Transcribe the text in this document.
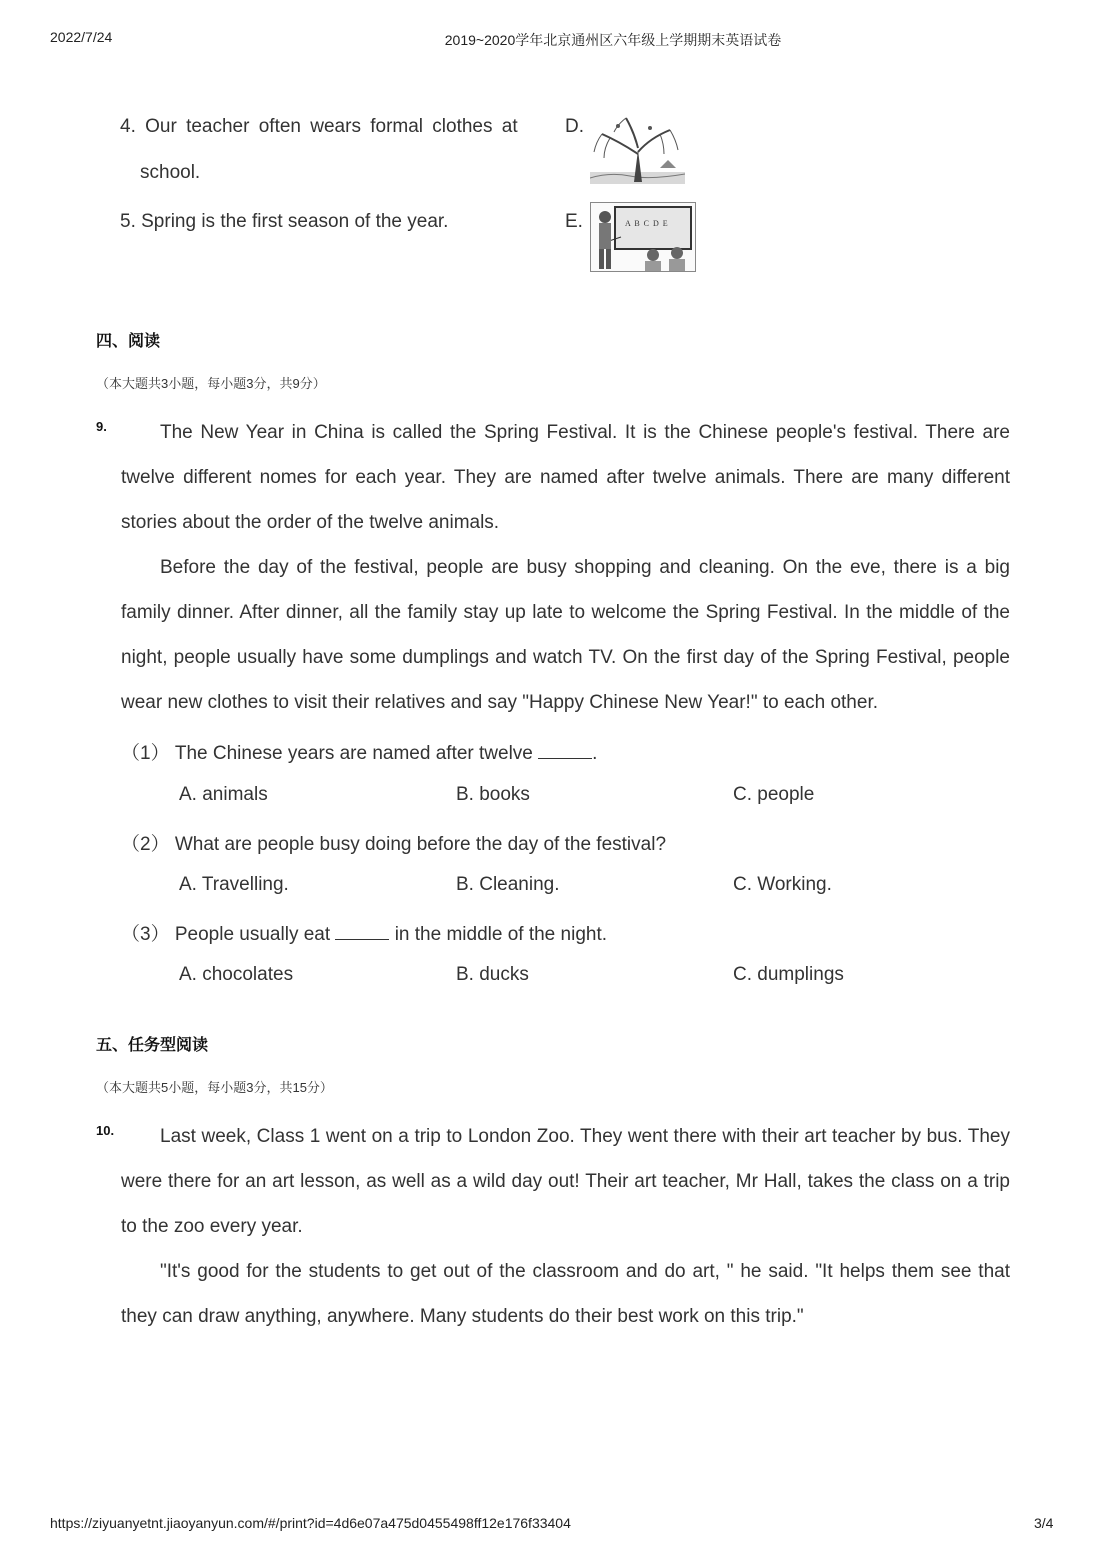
2022/7/24	2019~2020学年北京通州区六年级上学期期末英语试卷
4. Our teacher often wears formal clothes at
school.
D.
5. Spring is the first season of the year.	E.	A B C D E
四、阅读
（本大题共3小题，每小题3分，共9分）
9.	The New Year in China is called the Spring Festival. It is the Chinese people's festival. There are twelve different nomes for each year. They are named after twelve animals. There are many different stories about the order of the twelve animals.
Before the day of the festival, people are busy shopping and cleaning. On the eve, there is a big family dinner. After dinner, all the family stay up late to welcome the Spring Festival. In the middle of the night, people usually have some dumplings and watch TV. On the first day of the Spring Festival, people wear new clothes to visit their relatives and say "Happy Chinese New Year!" to each other.
（1） The Chinese years are named after twelve	.
A. animals	B. books	C. people
（2） What are people busy doing before the day of the festival?
A. Travelling.	B. Cleaning.	C. Working.
（3） People usually eat	in the middle of the night.
A. chocolates	B. ducks	C. dumplings
五、任务型阅读
（本大题共5小题，每小题3分，共15分）
10.	Last week, Class 1 went on a trip to London Zoo. They went there with their art teacher by bus. They were there for an art lesson, as well as a wild day out! Their art teacher, Mr Hall, takes the class on a trip to the zoo every year.
"It's good for the students to get out of the classroom and do art, " he said. "It helps them see that they can draw anything, anywhere. Many students do their best work on this trip."
https://ziyuanyetnt.jiaoyanyun.com/#/print?id=4d6e07a475d0455498ff12e176f33404	3/4
